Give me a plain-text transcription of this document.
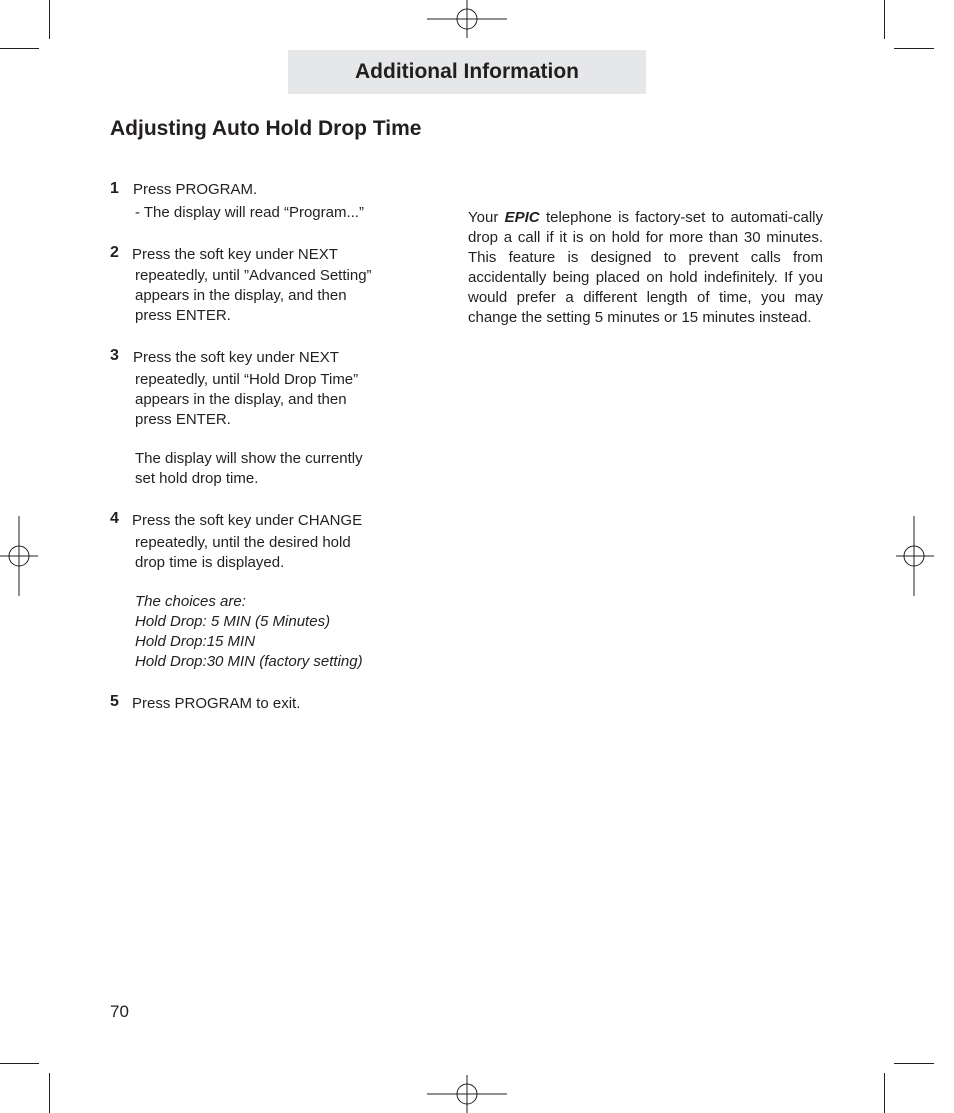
Additional Information
Adjusting Auto Hold Drop Time
1 Press PROGRAM.
- The display will read “Program...”
2 Press the soft key under NEXT
repeatedly, until ”Advanced Setting”
appears in the display, and then
press ENTER.
3 Press the soft key under NEXT
repeatedly, until “Hold Drop Time”
appears in the display, and then
press ENTER.
The display will show the currently
set hold drop time.
4 Press the soft key under CHANGE
repeatedly, until the desired hold
drop time is displayed.
The choices are:
Hold Drop: 5 MIN (5 Minutes)
Hold Drop:15 MIN
Hold Drop:30 MIN (factory setting)
5 Press PROGRAM to exit.
Your EPIC telephone is factory-set to automati-cally drop a call if it is on hold for more than 30 minutes. This feature is designed to prevent calls from accidentally being placed on hold indefinitely. If you would prefer a different length of time, you may change the setting 5 minutes or 15 minutes instead.
70
